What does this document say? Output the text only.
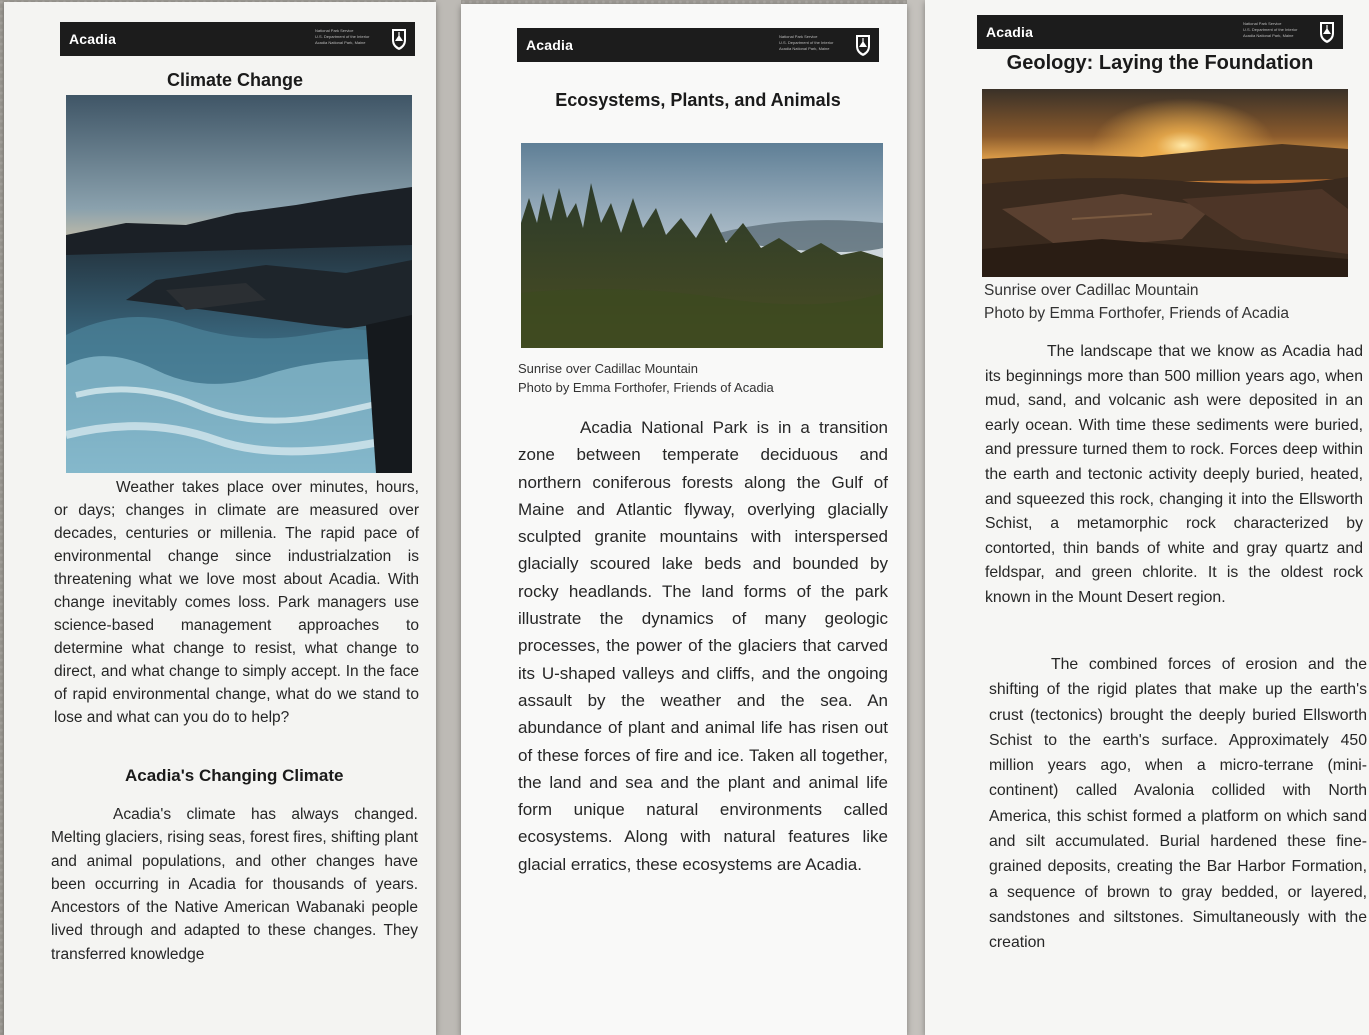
Acadia
National Park Service
U.S. Department of the Interior
Acadia National Park, Maine
Climate Change

Weather takes place over minutes, hours, or days; changes in climate are measured over decades, centuries or millenia. The rapid pace of environmental change since industrialzation is threatening what we love most about Acadia. With change inevitably comes loss. Park managers use science-based management approaches to determine what change to resist, what change to direct, and what change to simply accept. In the face of rapid environmental change, what do we stand to lose and what can you do to help?

Acadia's Changing Climate

Acadia's climate has always changed. Melting glaciers, rising seas, forest fires, shifting plant and animal populations, and other changes have been occurring in Acadia for thousands of years. Ancestors of the Native American Wabanaki people lived through and adapted to these changes. They transferred knowledge

Acadia
National Park Service
U.S. Department of the Interior
Acadia National Park, Maine
Ecosystems, Plants, and Animals
Sunrise over Cadillac Mountain
Photo by Emma Forthofer, Friends of Acadia

Acadia National Park is in a transition zone between temperate deciduous and northern coniferous forests along the Gulf of Maine and Atlantic flyway, overlying glacially sculpted granite mountains with interspersed glacially scoured lake beds and bounded by rocky headlands. The land forms of the park illustrate the dynamics of many geologic processes, the power of the glaciers that carved its U-shaped valleys and cliffs, and the ongoing assault by the weather and the sea. An abundance of plant and animal life has risen out of these forces of fire and ice. Taken all together, the land and sea and the plant and animal life form unique natural environments called ecosystems. Along with natural features like glacial erratics, these ecosystems are Acadia.

Acadia
National Park Service
U.S. Department of the Interior
Acadia National Park, Maine
Geology: Laying the Foundation
Sunrise over Cadillac Mountain
Photo by Emma Forthofer, Friends of Acadia

The landscape that we know as Acadia had its beginnings more than 500 million years ago, when mud, sand, and volcanic ash were deposited in an early ocean. With time these sediments were buried, and pressure turned them to rock. Forces deep within the earth and tectonic activity deeply buried, heated, and squeezed this rock, changing it into the Ellsworth Schist, a metamorphic rock characterized by contorted, thin bands of white and gray quartz and feldspar, and green chlorite. It is the oldest rock known in the Mount Desert region.

The combined forces of erosion and the shifting of the rigid plates that make up the earth's crust (tectonics) brought the deeply buried Ellsworth Schist to the earth's surface. Approximately 450 million years ago, when a micro-terrane (mini-continent) called Avalonia collided with North America, this schist formed a platform on which sand and silt accumulated. Burial hardened these fine-grained deposits, creating the Bar Harbor Formation, a sequence of brown to gray bedded, or layered, sandstones and siltstones. Simultaneously with the creation
